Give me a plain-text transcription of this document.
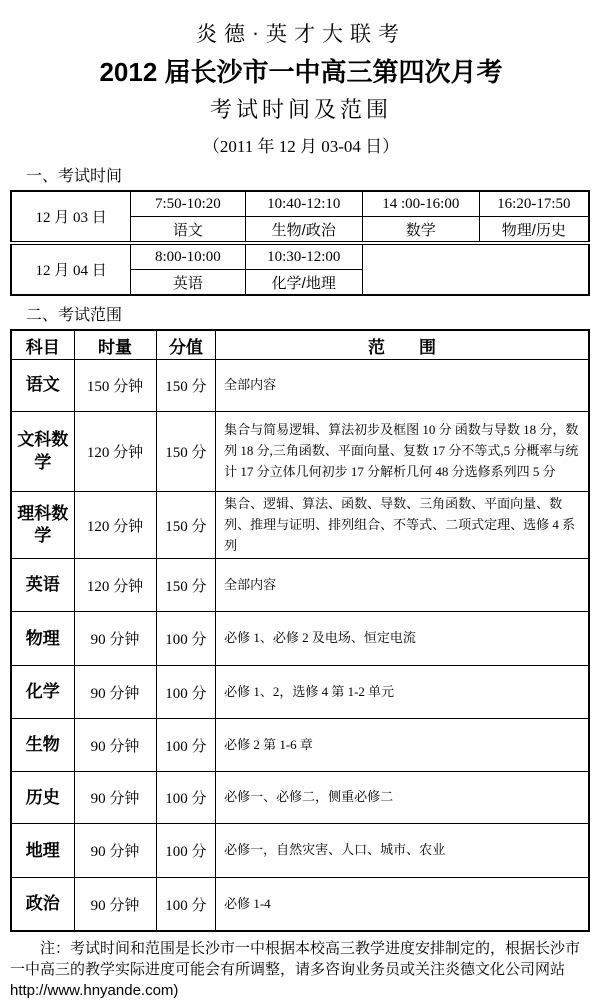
炎德·英才大联考
2012 届长沙市一中高三第四次月考
考试时间及范围
（2011 年 12 月 03-04 日）
一、考试时间
12 月 03 日	7:50-10:20	10:40-12:10	14 :00-16:00	16:20-17:50
	语文	生物/政治	数学	物理/历史
12 月 04 日	8:00-10:00	10:30-12:00		
	英语	化学/地理		
二、考试范围
科目	时量	分值	范　　围
语文	150 分钟	150 分	全部内容
文科数学	120 分钟	150 分	集合与简易逻辑、算法初步及框图 10 分 函数与导数 18 分，数列 18 分,三角函数、平面向量、复数 17 分不等式,5 分概率与统计 17 分立体几何初步 17 分解析几何 48 分选修系列四 5 分
理科数学	120 分钟	150 分	集合、逻辑、算法、函数、导数、三角函数、平面向量、数列、推理与证明、排列组合、不等式、二项式定理、选修 4 系列
英语	120 分钟	150 分	全部内容
物理	90 分钟	100 分	必修 1、必修 2 及电场、恒定电流
化学	90 分钟	100 分	必修 1、2，选修 4 第 1-2 单元
生物	90 分钟	100 分	必修 2 第 1-6 章
历史	90 分钟	100 分	必修一、必修二，侧重必修二
地理	90 分钟	100 分	必修一，自然灾害、人口、城市、农业
政治	90 分钟	100 分	必修 1-4

注：考试时间和范围是长沙市一中根据本校高三教学进度安排制定的，根据长沙市一中高三的教学实际进度可能会有所调整，请多咨询业务员或关注炎德文化公司网站http://www.hnyande.com)
